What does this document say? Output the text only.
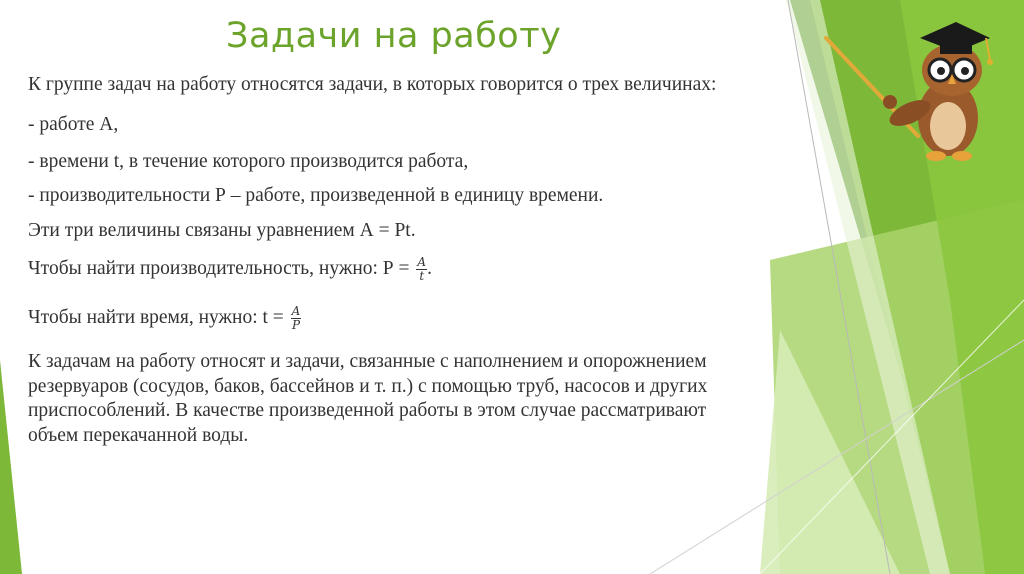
Задачи на работу
К группе задач на работу относятся задачи, в которых говорится о трех величинах:
- работе А,
- времени t, в течение которого производится работа,
- производительности Р – работе, произведенной в единицу времени.
Эти три величины связаны уравнением А = Pt.
Чтобы найти производительность, нужно: $Р = \frac{A}{t}$ .
Чтобы найти время, нужно: $t = \frac{A}{P}$
К задачам на работу относят и задачи, связанные с наполнением и опорожнением
резервуаров (сосудов, баков, бассейнов и т. п.) с помощью труб, насосов и других
приспособлений. В качестве произведенной работы в этом случае рассматривают
объем перекачанной воды.
